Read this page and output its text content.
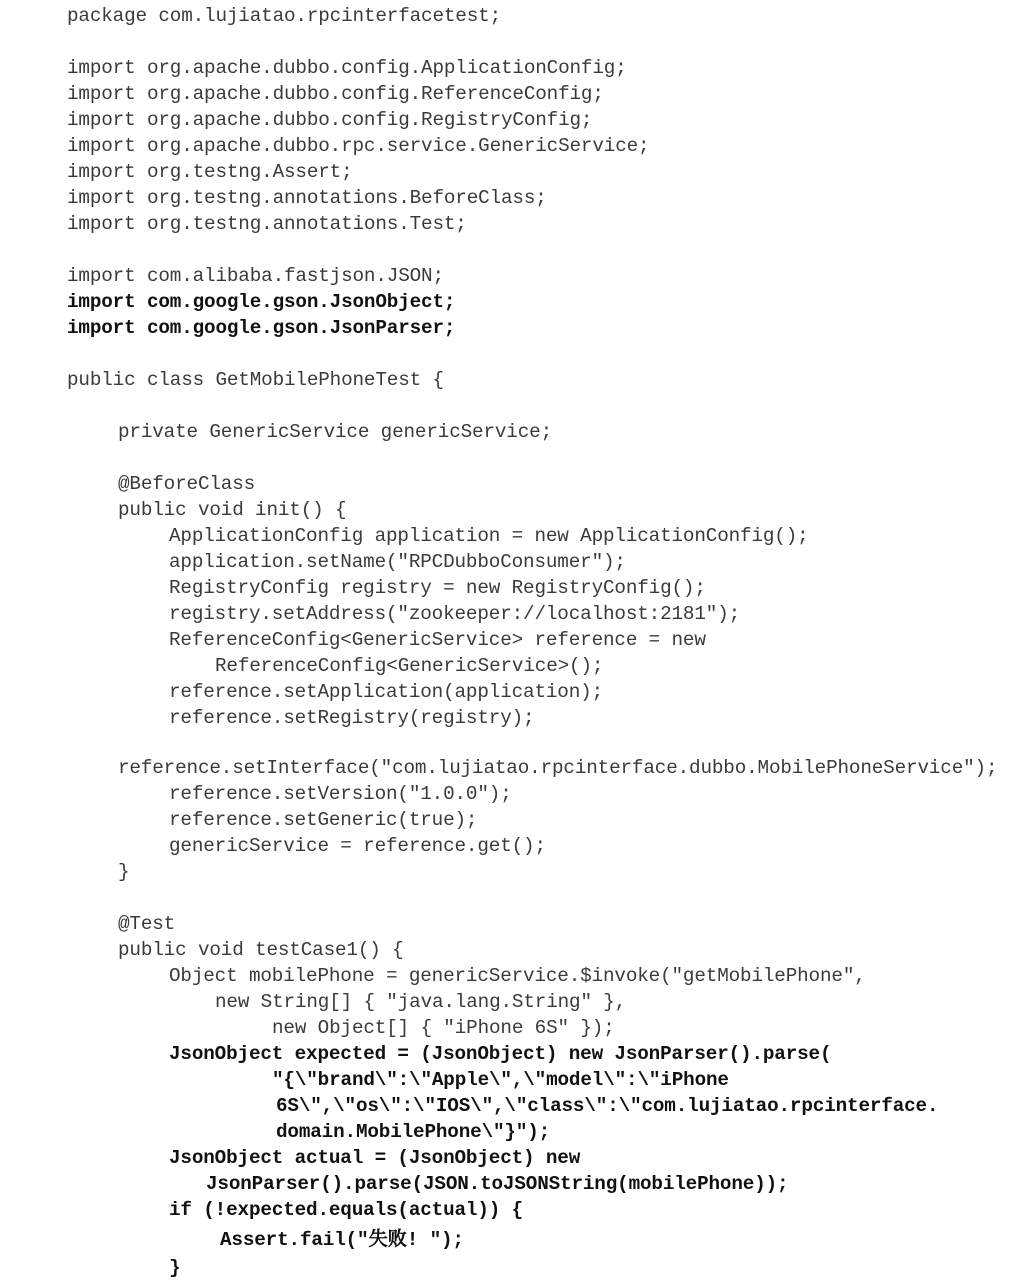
package com.lujiatao.rpcinterfacetest;
import org.apache.dubbo.config.ApplicationConfig;
import org.apache.dubbo.config.ReferenceConfig;
import org.apache.dubbo.config.RegistryConfig;
import org.apache.dubbo.rpc.service.GenericService;
import org.testng.Assert;
import org.testng.annotations.BeforeClass;
import org.testng.annotations.Test;
import com.alibaba.fastjson.JSON;
import com.google.gson.JsonObject;
import com.google.gson.JsonParser;
public class GetMobilePhoneTest {
private GenericService genericService;
@BeforeClass
public void init() {
ApplicationConfig application = new ApplicationConfig();
application.setName("RPCDubboConsumer");
RegistryConfig registry = new RegistryConfig();
registry.setAddress("zookeeper://localhost:2181");
ReferenceConfig<GenericService> reference = new
ReferenceConfig<GenericService>();
reference.setApplication(application);
reference.setRegistry(registry);
reference.setInterface("com.lujiatao.rpcinterface.dubbo.MobilePhoneService");
reference.setVersion("1.0.0");
reference.setGeneric(true);
genericService = reference.get();
}
@Test
public void testCase1() {
Object mobilePhone = genericService.$invoke("getMobilePhone",
new String[] { "java.lang.String" },
new Object[] { "iPhone 6S" });
JsonObject expected = (JsonObject) new JsonParser().parse(
"{\"brand\":\"Apple\",\"model\":\"iPhone
6S\",\"os\":\"IOS\",\"class\":\"com.lujiatao.rpcinterface.
domain.MobilePhone\"}");
JsonObject actual = (JsonObject) new
JsonParser().parse(JSON.toJSONString(mobilePhone));
if (!expected.equals(actual)) {
Assert.fail("失败! ");
}
